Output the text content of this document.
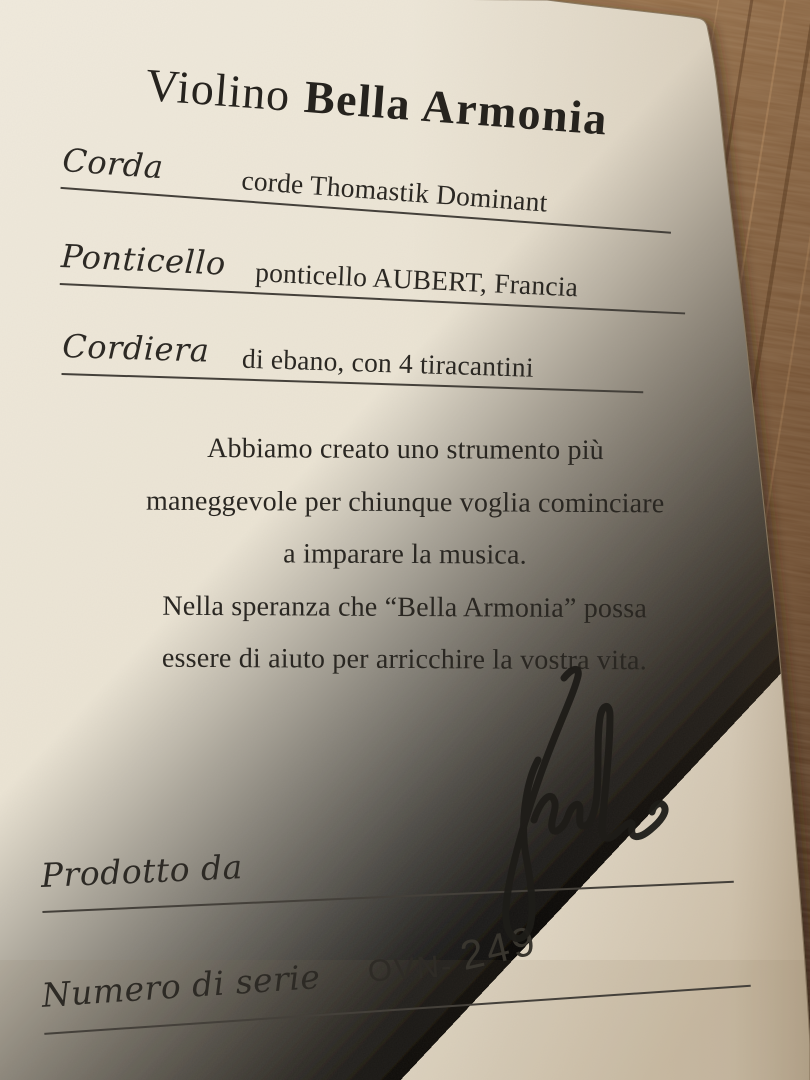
Violino Bella Armonia
Corda
corde Thomastik Dominant
Ponticello	ponticello AUBERT, Francia
Cordiera	di ebano, con 4 tiracantini
Abbiamo creato uno strumento più
maneggevole per chiunque voglia cominciare
a imparare la musica.
Nella speranza che “Bella Armonia” possa
essere di aiuto per arricchire la vostra vita.
Prodotto da
Numero di serie OVN- 249
